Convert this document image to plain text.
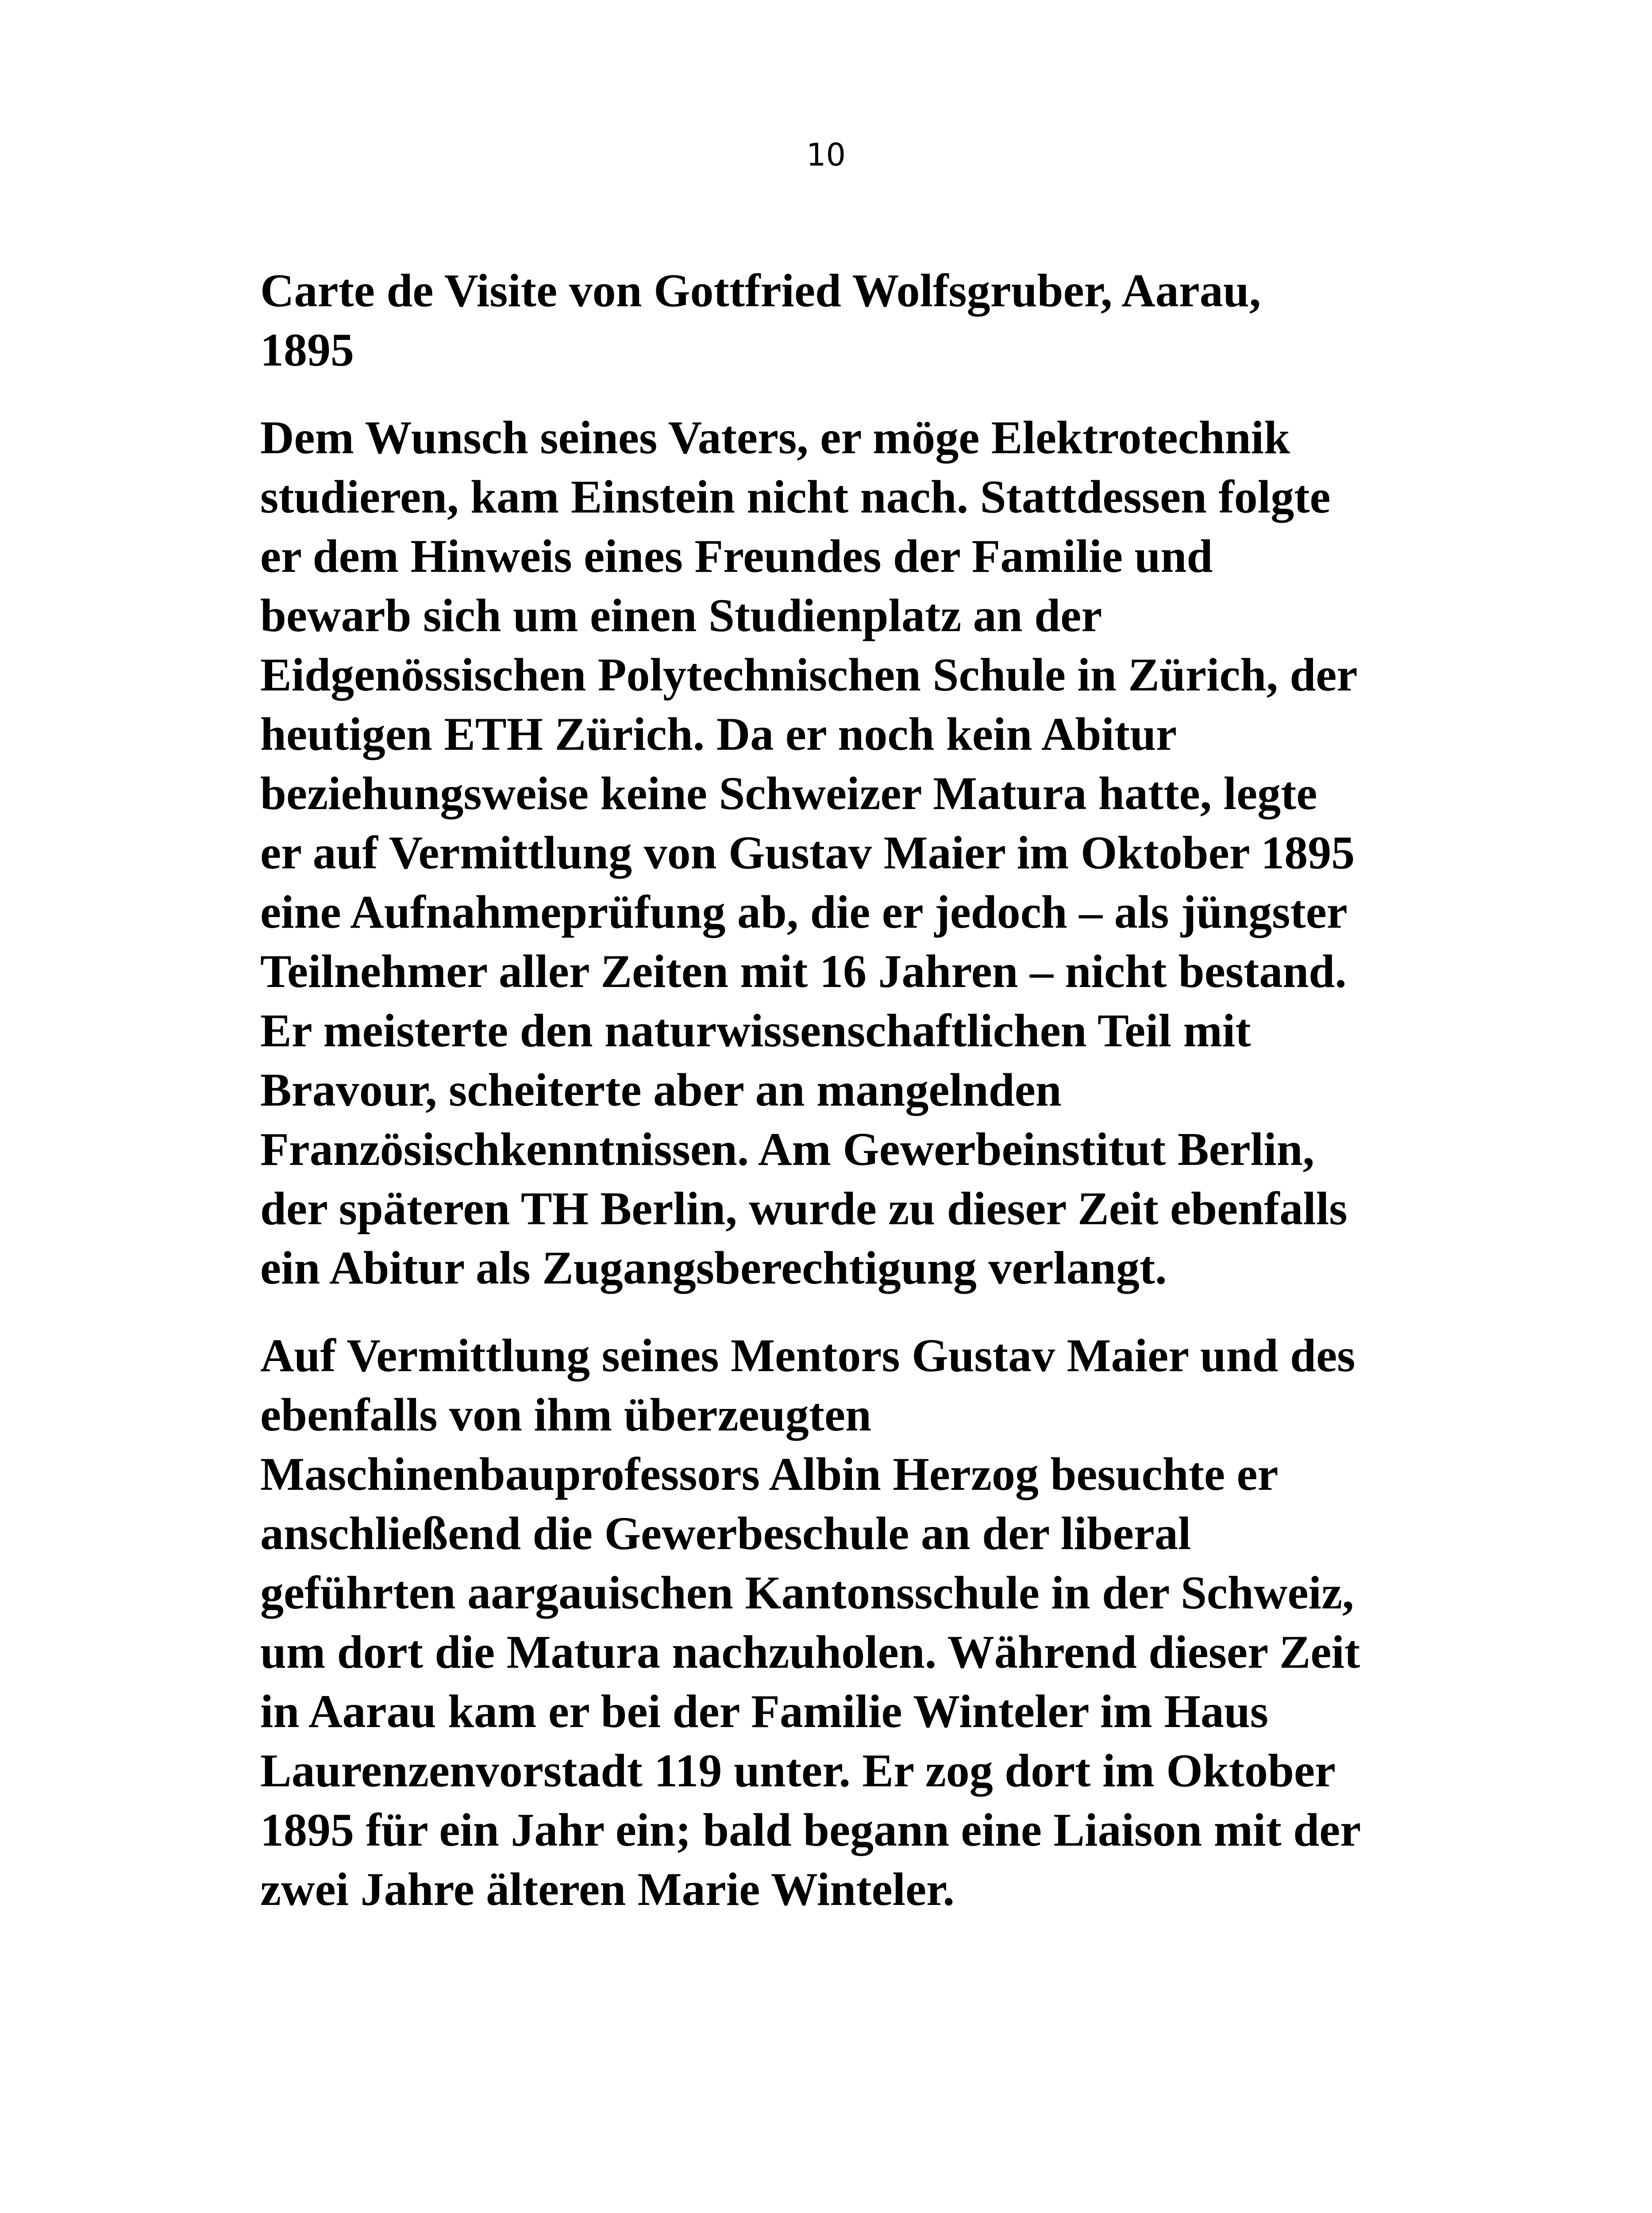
10

Carte de Visite von Gottfried Wolfsgruber, Aarau,
1895

Dem Wunsch seines Vaters, er möge Elektrotechnik
studieren, kam Einstein nicht nach. Stattdessen folgte
er dem Hinweis eines Freundes der Familie und
bewarb sich um einen Studienplatz an der
Eidgenössischen Polytechnischen Schule in Zürich, der
heutigen ETH Zürich. Da er noch kein Abitur
beziehungsweise keine Schweizer Matura hatte, legte
er auf Vermittlung von Gustav Maier im Oktober 1895
eine Aufnahmeprüfung ab, die er jedoch – als jüngster
Teilnehmer aller Zeiten mit 16 Jahren – nicht bestand.
Er meisterte den naturwissenschaftlichen Teil mit
Bravour, scheiterte aber an mangelnden
Französischkenntnissen. Am Gewerbeinstitut Berlin,
der späteren TH Berlin, wurde zu dieser Zeit ebenfalls
ein Abitur als Zugangsberechtigung verlangt.

Auf Vermittlung seines Mentors Gustav Maier und des
ebenfalls von ihm überzeugten
Maschinenbauprofessors Albin Herzog besuchte er
anschließend die Gewerbeschule an der liberal
geführten aargauischen Kantonsschule in der Schweiz,
um dort die Matura nachzuholen. Während dieser Zeit
in Aarau kam er bei der Familie Winteler im Haus
Laurenzenvorstadt 119 unter. Er zog dort im Oktober
1895 für ein Jahr ein; bald begann eine Liaison mit der
zwei Jahre älteren Marie Winteler.
